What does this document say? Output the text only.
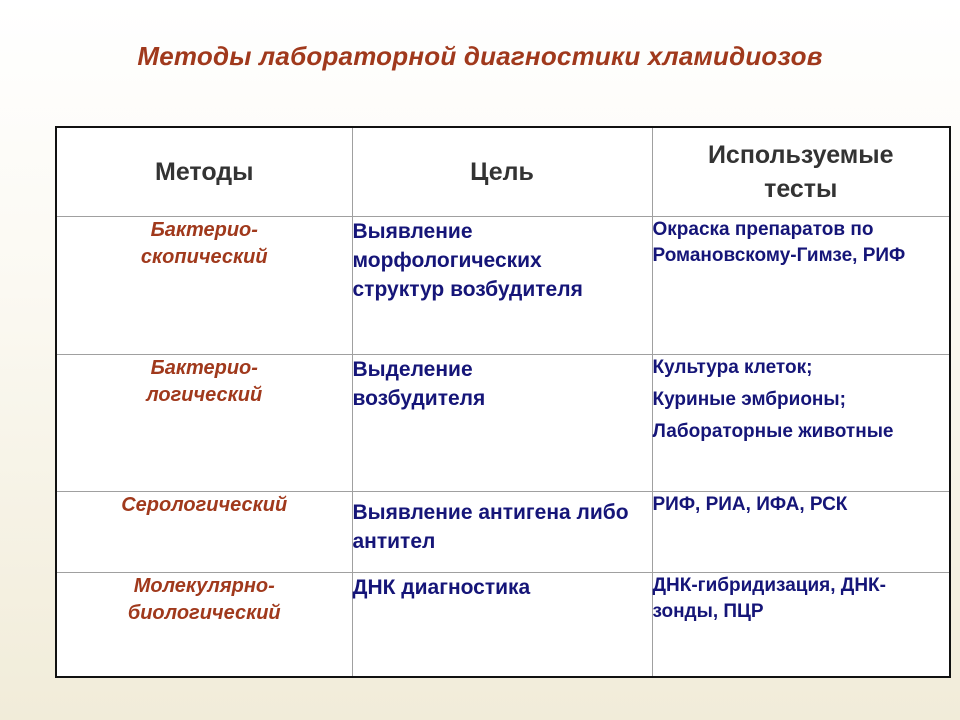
Методы лабораторной диагностики хламидиозов
Методы	Цель	Используемые тесты
Бактерио-
скопический	Выявление морфологических структур возбудителя	Окраска препаратов по Романовскому-Гимзе, РИФ

Бактерио-
логический	Выделение возбудителя	Культура клеток;
Куриные эмбрионы;
Лабораторные животные

Серологический	Выявление антигена либо антител	РИФ, РИА, ИФА, РСК

Молекулярно-
биологический	ДНК диагностика	ДНК-гибридизация, ДНК-зонды, ПЦР
